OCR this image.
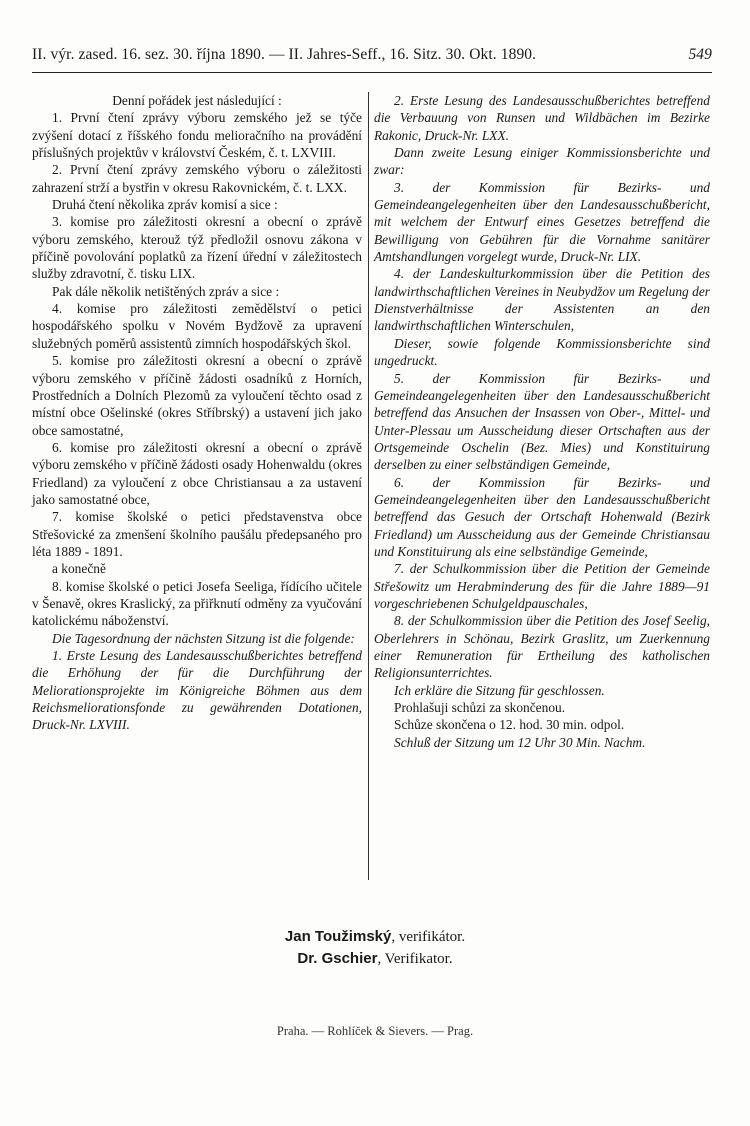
II. výr. zased. 16. sez. 30. října 1890. — II. Jahres-Seff., 16. Sitz. 30. Okt. 1890.	549

Denní pořádek jest následující :

1. První čtení zprávy výboru zemského jež se týče zvýšení dotací z říšského fondu melioračního na provádění příslušných projektův v království Českém, č. t. LXVIII.

2. První čtení zprávy zemského výboru o záležitosti zahrazení strží a bystřin v okresu Rakovnickém, č. t. LXX.

Druhá čtení několika zpráv komisí a sice :

3. komise pro záležitosti okresní a obecní o zprávě výboru zemského, kterouž týž předložil osnovu zákona v příčině povolování poplatků za řízení úřední v záležitostech služby zdravotní, č. tisku LIX.

Pak dále několik netištěných zpráv a sice :

4. komise pro záležitosti zemědělství o petici hospodářského spolku v Novém Bydžově za upravení služebných poměrů assistentů zimních hospodářských škol.

5. komise pro záležitosti okresní a obecní o zprávě výboru zemského v příčině žádosti osadníků z Horních, Prostředních a Dolních Plezomů za vyloučení těchto osad z místní obce Ošelinské (okres Stříbrský) a ustavení jich jako obce samostatné,

6. komise pro záležitosti okresní a obecní o zprávě výboru zemského v příčině žádosti osady Hohenwaldu (okres Friedland) za vyloučení z obce Christiansau a za ustavení jako samostatné obce,

7. komise školské o petici představenstva obce Střešovické za zmenšení školního paušálu předepsaného pro léta 1889 - 1891.

a konečně

8. komise školské o petici Josefa Seeliga, řídícího učitele v Šenavě, okres Kraslický, za přiřknutí odměny za vyučování katolickému náboženství.

Die Tagesordnung der nächsten Sitzung ist die folgende:

1. Erste Lesung des Landesausschußberichtes betreffend die Erhöhung der für die Durchführung der Meliorationsprojekte im Königreiche Böhmen aus dem Reichsmeliorationsfonde zu gewährenden Dotationen, Druck-Nr. LXVIII.

2. Erste Lesung des Landesausschußberichtes betreffend die Verbauung von Runsen und Wildbächen im Bezirke Rakonic, Druck-Nr. LXX.

Dann zweite Lesung einiger Kommissionsberichte und zwar:

3. der Kommission für Bezirks- und Gemeindeangelegenheiten über den Landesausschußbericht, mit welchem der Entwurf eines Gesetzes betreffend die Bewilligung von Gebühren für die Vornahme sanitärer Amtshandlungen vorgelegt wurde, Druck-Nr. LIX.

4. der Landeskulturkommission über die Petition des landwirthschaftlichen Vereines in Neubydžov um Regelung der Dienstverhältnisse der Assistenten an den landwirthschaftlichen Winterschulen,

Dieser, sowie folgende Kommissionsberichte sind ungedruckt.

5. der Kommission für Bezirks- und Gemeindeangelegenheiten über den Landesausschußbericht betreffend das Ansuchen der Insassen von Ober-, Mittel- und Unter-Plessau um Ausscheidung dieser Ortschaften aus der Ortsgemeinde Oschelin (Bez. Mies) und Konstituirung derselben zu einer selbständigen Gemeinde,

6. der Kommission für Bezirks- und Gemeindeangelegenheiten über den Landesausschußbericht betreffend das Gesuch der Ortschaft Hohenwald (Bezirk Friedland) um Ausscheidung aus der Gemeinde Christiansau und Konstituirung als eine selbständige Gemeinde,

7. der Schulkommission über die Petition der Gemeinde Střešowitz um Herabminderung des für die Jahre 1889—91 vorgeschriebenen Schulgeldpauschales,

8. der Schulkommission über die Petition des Josef Seelig, Oberlehrers in Schönau, Bezirk Graslitz, um Zuerkennung einer Remuneration für Ertheilung des katholischen Religionsunterrichtes.

Ich erkläre die Sitzung für geschlossen.

Prohlašuji schůzi za skončenou.

Schůze skončena o 12. hod. 30 min. odpol.

Schluß der Sitzung um 12 Uhr 30 Min. Nachm.

Jan Toužimský, verifikátor.
Dr. Gschier, Verifikator.
Praha. — Rohlíček & Sievers. — Prag.
